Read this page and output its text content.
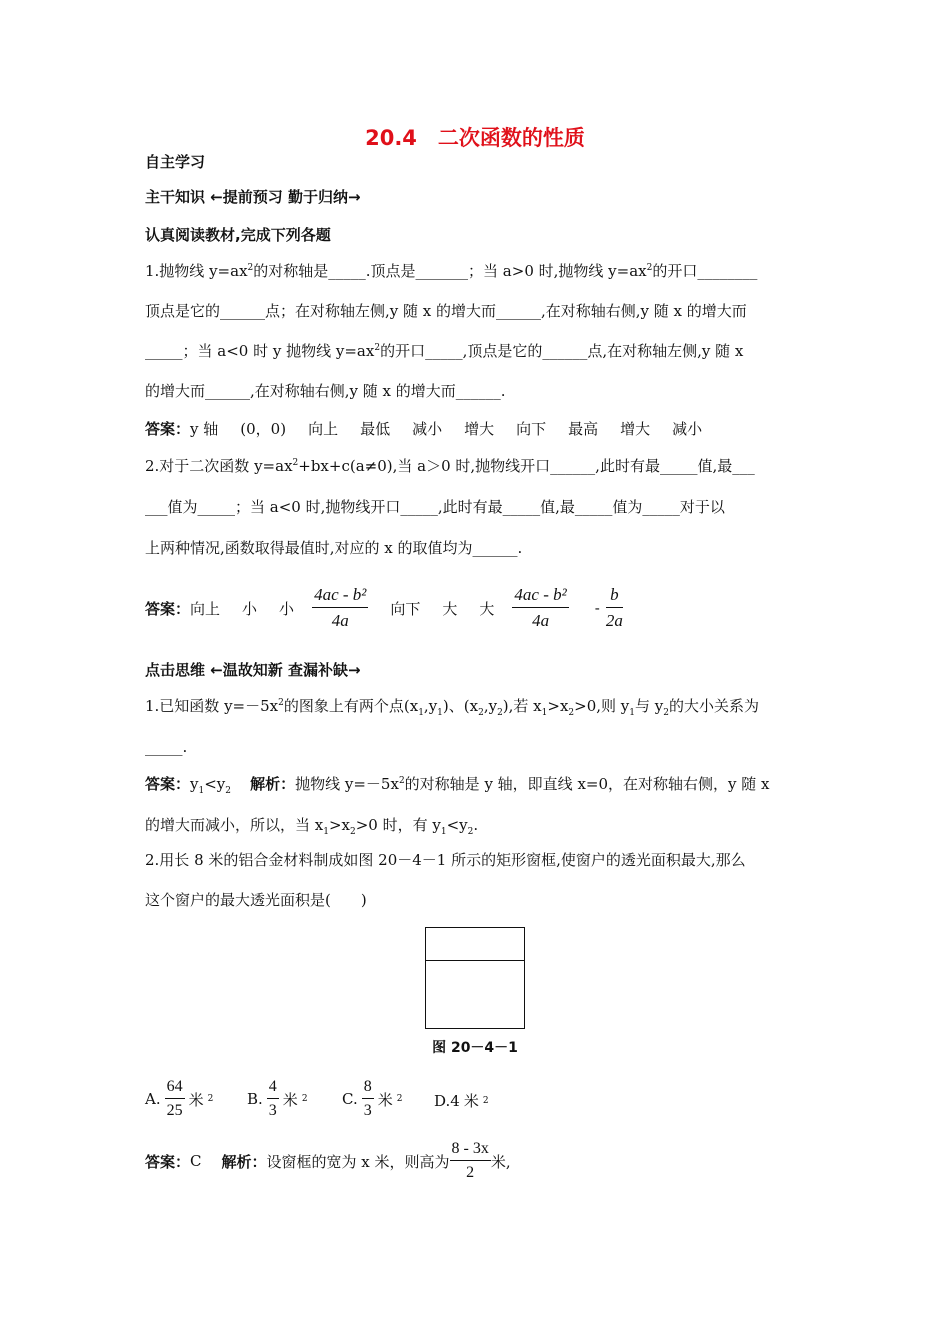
20.4　二次函数的性质
自主学习
主干知识 ←提前预习 勤于归纳→
认真阅读教材,完成下列各题
1.抛物线 $y=ax^2$的对称轴是_____.顶点是_______；当 a>0 时,抛物线 $y=ax^2$的开口________
顶点是它的______点；在对称轴左侧,y 随 x 的增大而______,在对称轴右侧,y 随 x 的增大而
_____；当 a<0 时 y 抛物线 $y=ax^2$的开口_____,顶点是它的______点,在对称轴左侧,y 随 x
的增大而______,在对称轴右侧,y 随 x 的增大而______.
答案：y 轴 (0，0) 向上 最低 减小 增大 向下 最高 增大 减小
2.对于二次函数 $y=ax^2+bx+c(a\ne 0)$,当 a＞0 时,抛物线开口______,此时有最_____值,最___
___值为_____；当 a<0 时,抛物线开口_____,此时有最_____值,最_____值为_____对于以
上两种情况,函数取得最值时,对应的 x 的取值均为______.
答案： 向上 小 小 $\frac{\text{4ac - b²}}{4a}$ 向下 大 大 $\frac{\text{4ac - b²}}{4a} - \frac{b}{2a}$
点击思维 ←温故知新 查漏补缺→
1.已知函数 $y=-5x^2$的图象上有两个点$(x_1,y_1)$、$(x_2,y_2)$,若 $x_1>x_2>0$,则 $y_1$与 $y_2$的大小关系为
_____.
答案：$y_1<y_2$ 解析：抛物线 $y=-5x^2$的对称轴是 y 轴，即直线 x=0，在对称轴右侧，y 随 x
的增大而减小，所以，当 $x_1>x_2>0$ 时，有 $y_1<y_2$.
2.用长 8 米的铝合金材料制成如图 20－4－1 所示的矩形窗框,使窗户的透光面积最大,那么
这个窗户的最大透光面积是(　　)
图 20－4－1
A. $\frac{64}{25}$ 米 2 B. $\frac{4}{3}$ 米 2 C. $\frac{8}{3}$ 米 2 D.4 米 2
答案： C 解析： 设窗框的宽为 x 米，则高为 $\frac{8 - 3x}{2}$ 米,
